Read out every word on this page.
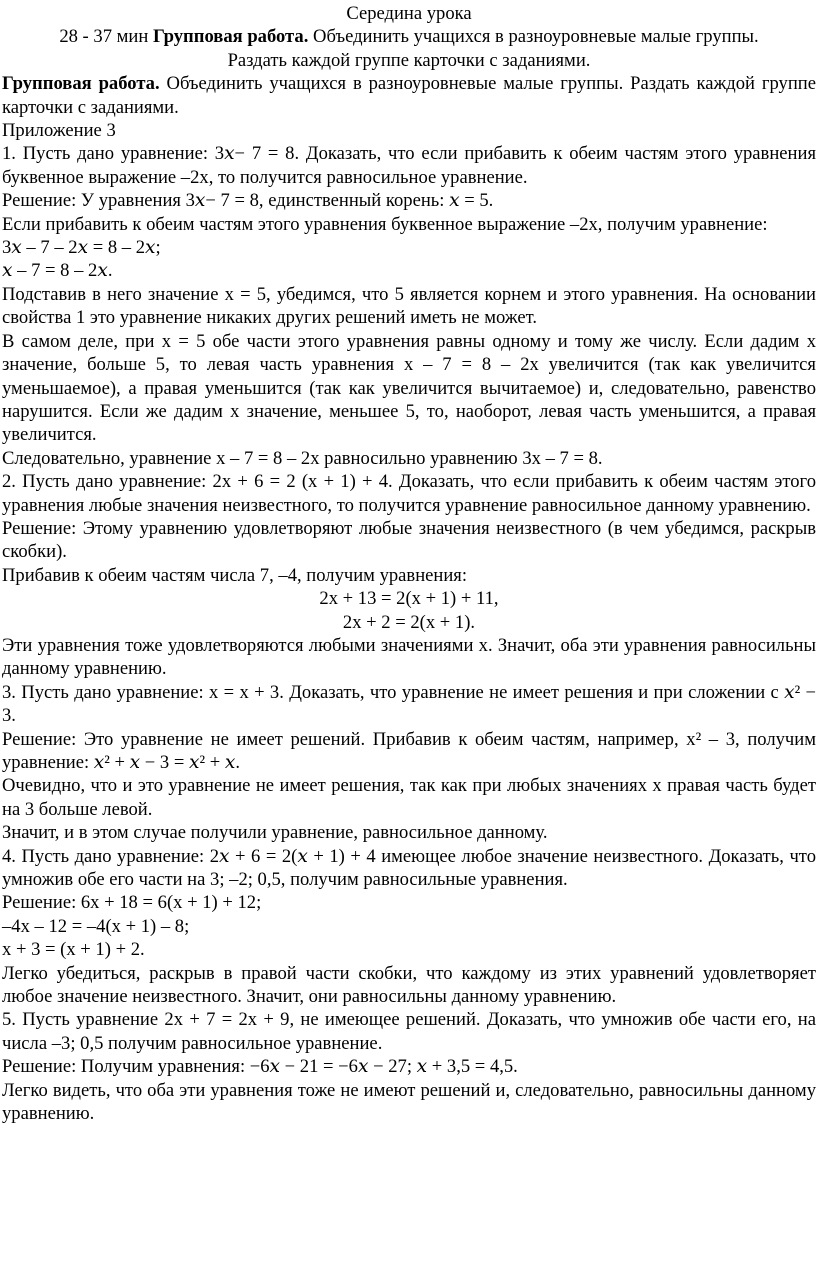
Середина урока

28 - 37 мин Групповая работа. Объединить учащихся в разноуровневые малые группы.

Раздать каждой группе карточки с заданиями.

Групповая работа. Объединить учащихся в разноуровневые малые группы. Раздать каждой группе карточки с заданиями.

Приложение 3

1. Пусть дано уравнение: 3𝑥− 7 = 8. Доказать, что если прибавить к обеим частям этого уравнения буквенное выражение –2х, то получится равносильное уравнение.

Решение: У уравнения 3𝑥− 7 = 8, единственный корень: 𝑥 = 5.

Если прибавить к обеим частям этого уравнения буквенное выражение –2х, получим уравнение:

3𝑥 – 7 – 2𝑥 = 8 – 2𝑥;

𝑥 – 7 = 8 – 2𝑥.

Подставив в него значение х = 5, убедимся, что 5 является корнем и этого уравнения. На основании свойства 1 это уравнение никаких других решений иметь не может.

В самом деле, при х = 5 обе части этого уравнения равны одному и тому же числу. Если дадим х значение, больше 5, то левая часть уравнения х – 7 = 8 – 2х увеличится (так как увеличится уменьшаемое), а правая уменьшится (так как увеличится вычитаемое) и, следовательно, равенство нарушится. Если же дадим х значение, меньшее 5, то, наоборот, левая часть уменьшится, а правая увеличится.

Следовательно, уравнение х – 7 = 8 – 2х равносильно уравнению 3х – 7 = 8.

2. Пусть дано уравнение: 2х + 6 = 2 (х + 1) + 4. Доказать, что если прибавить к обеим частям этого уравнения любые значения неизвестного, то получится уравнение равносильное данному уравнению.

Решение: Этому уравнению удовлетворяют любые значения неизвестного (в чем убедимся, раскрыв скобки).

Прибавив к обеим частям числа 7, –4, получим уравнения:

2х + 13 = 2(х + 1) + 11,

2х + 2 = 2(х + 1).

Эти уравнения тоже удовлетворяются любыми значениями х. Значит, оба эти уравнения равносильны данному уравнению.

3. Пусть дано уравнение: х = х + 3. Доказать, что уравнение не имеет решения и при сложении с 𝑥² − 3.

Решение: Это уравнение не имеет решений. Прибавив к обеим частям, например, х² – 3, получим уравнение: 𝑥² + 𝑥 − 3 = 𝑥² + 𝑥.

Очевидно, что и это уравнение не имеет решения, так как при любых значениях х правая часть будет на 3 больше левой.

Значит, и в этом случае получили уравнение, равносильное данному.

4. Пусть дано уравнение: 2𝑥 + 6 = 2(𝑥 + 1) + 4 имеющее любое значение неизвестного. Доказать, что умножив обе его части на 3; –2; 0,5, получим равносильные уравнения.

Решение: 6х + 18 = 6(х + 1) + 12;

–4х – 12 = –4(х + 1) – 8;

х + 3 = (х + 1) + 2.

Легко убедиться, раскрыв в правой части скобки, что каждому из этих уравнений удовлетворяет любое значение неизвестного. Значит, они равносильны данному уравнению.

5. Пусть уравнение 2х + 7 = 2х + 9, не имеющее решений. Доказать, что умножив обе части его, на числа –3; 0,5 получим равносильное уравнение.

Решение: Получим уравнения: −6𝑥 − 21 = −6𝑥 − 27; 𝑥 + 3,5 = 4,5.

Легко видеть, что оба эти уравнения тоже не имеют решений и, следовательно, равносильны данному уравнению.
